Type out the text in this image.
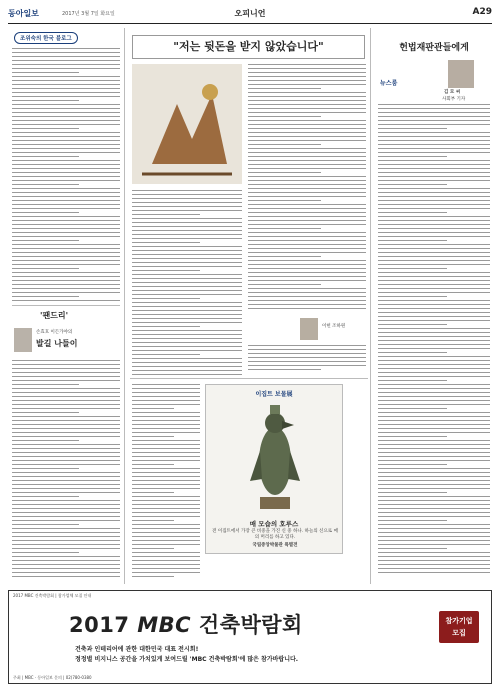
동아일보	2017년 3월 7일 화요일	오피니언	A29
조위숙의 한국 블로그
'팬드리'
손효호 이든가야의
발길 나들이
"저는 뒷돈을 받지 않았습니다"
이헌 조하원
이집트 보물展
매 모습의 호루스
전 이집트에서 가장 큰 비중을 가진 신 중 하나. 하늘의 신으로 매의 머리를 하고 있다.
국립중앙박물관 특별전
헌법재판관들에게
뉴스룸
김 모 씨
사회부 기자
2017 MBC 건축박람회 | 참가업체 모집 안내
2017 MBC 건축박람회	참가기업
모집
건축과 인테리어에 관한 대한민국 대표 전시회!
정정별 비지니스 공간을 가치있게 보여드릴 'MBC 건축박람회'에 많은 참가바랍니다.
주최 | MBC · 동아일보 문의 | 02)780-0380
